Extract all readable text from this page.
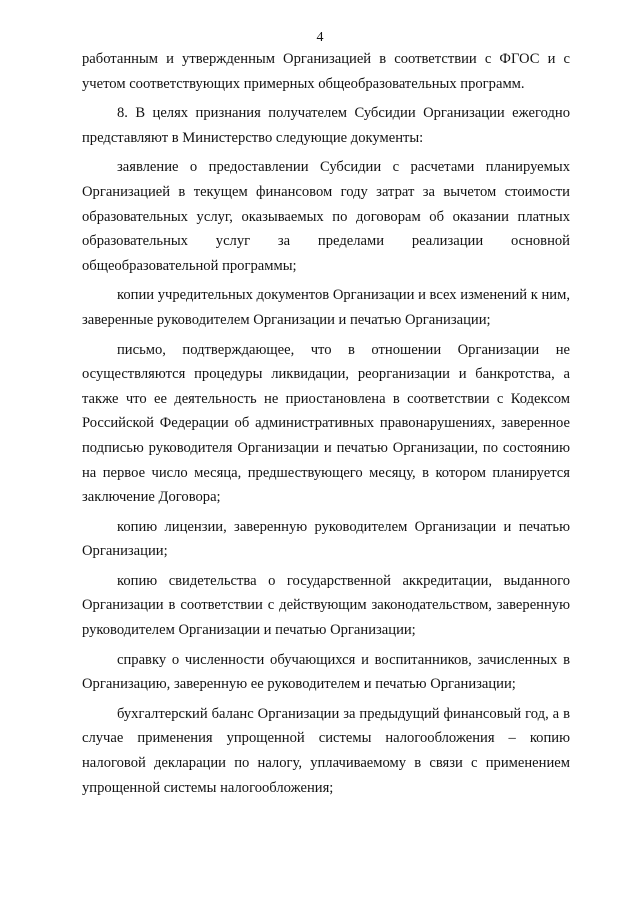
4

работанным и утвержденным Организацией в соответствии с ФГОС и с учетом соответствующих примерных общеобразовательных программ.

8. В целях признания получателем Субсидии Организации ежегодно представляют в Министерство следующие документы:

заявление о предоставлении Субсидии с расчетами планируемых Организацией в текущем финансовом году затрат за вычетом стоимости образовательных услуг, оказываемых по договорам об оказании платных образовательных услуг за пределами реализации основной общеобразовательной программы;

копии учредительных документов Организации и всех изменений к ним, заверенные руководителем Организации и печатью Организации;

письмо, подтверждающее, что в отношении Организации не осуществляются процедуры ликвидации, реорганизации и банкротства, а также что ее деятельность не приостановлена в соответствии с Кодексом Российской Федерации об административных правонарушениях, заверенное подписью руководителя Организации и печатью Организации, по состоянию на первое число месяца, предшествующего месяцу, в котором планируется заключение Договора;

копию лицензии, заверенную руководителем Организации и печатью Организации;

копию свидетельства о государственной аккредитации, выданного Организации в соответствии с действующим законодательством, заверенную руководителем Организации и печатью Организации;

справку о численности обучающихся и воспитанников, зачисленных в Организацию, заверенную ее руководителем и печатью Организации;

бухгалтерский баланс Организации за предыдущий финансовый год, а в случае применения упрощенной системы налогообложения – копию налоговой декларации по налогу, уплачиваемому в связи с применением упрощенной системы налогообложения;
